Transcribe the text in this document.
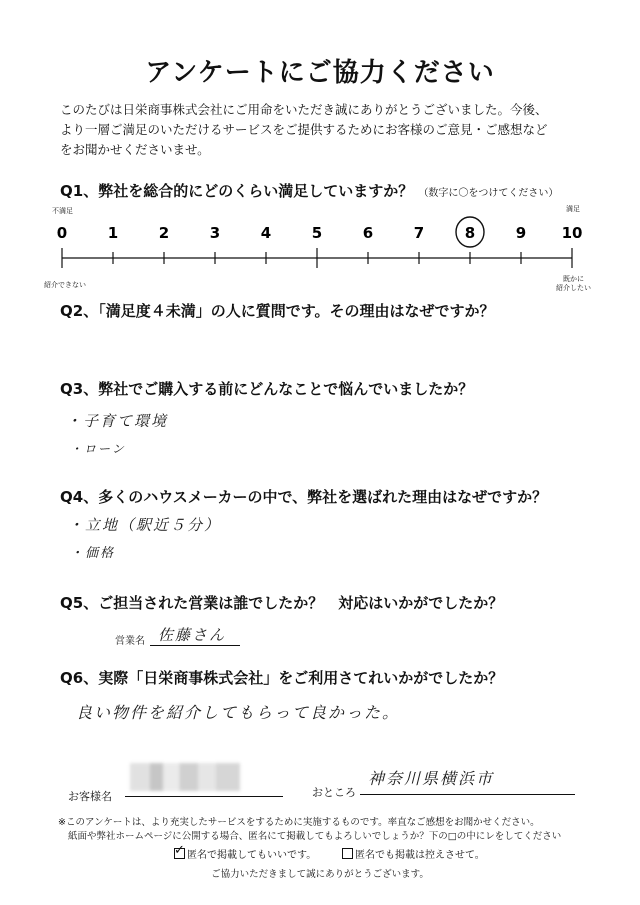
アンケートにご協力ください
このたびは日栄商事株式会社にご用命をいただき誠にありがとうございました。今後、
より一層ご満足のいただけるサービスをご提供するためにお客様のご意見・ご感想など
をお聞かせくださいませ。
Q1、弊社を総合的にどのくらい満足していますか？ （数字に〇をつけてください）
不満足	満足
0	1	2	3	4	5	6	7	8	9 10
紹介できない
既かに
紹介したい
Q2、「満足度４未満」の人に質問です。その理由はなぜですか？
Q3、弊社でご購入する前にどんなことで悩んでいましたか？
・子育て環境
・ローン
Q4、多くのハウスメーカーの中で、弊社を選ばれた理由はなぜですか？
・立地（駅近５分）
・価格
Q5、ご担当された営業は誰でしたか？　対応はいかがでしたか？
営業名 佐藤さん
Q6、実際「日栄商事株式会社」をご利用さてれいかがでしたか？
良い物件を紹介してもらって良かった。
お客様名	おところ
神奈川県横浜市
※このアンケートは、より充実したサービスをするために実施するものです。率直なご感想をお聞かせください。
紙面や弊社ホームページに公開する場合、匿名にて掲載してもよろしいでしょうか？下の□の中にレをしてください
✓匿名で掲載してもいいです。	匿名でも掲載は控えさせて。
ご協力いただきまして誠にありがとうございます。
